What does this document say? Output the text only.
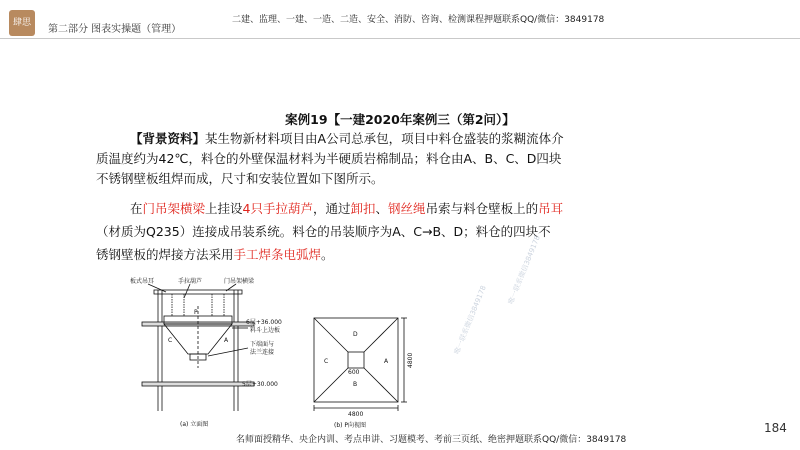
肆思
第二部分 图表实操题（管理）
二建、监理、一建、一造、二造、安全、消防、咨询、检测课程押题联系QQ/微信：3849178
案例19【一建2020年案例三（第2问）】
【背景资料】某生物新材料项目由A公司总承包，项目中料仓盛装的浆糊流体介
质温度约为42℃，料仓的外壁保温材料为半硬质岩棉制品；料仓由A、B、C、D四块
不锈钢壁板组焊而成，尺寸和安装位置如下图所示。
在门吊架横梁上挂设4只手拉葫芦，通过卸扣、钢丝绳吊索与料仓壁板上的吊耳
（材质为Q235）连接成吊装系统。料仓的吊装顺序为A、C→B、D；料仓的四块不
锈钢壁板的焊接方法采用手工焊条电弧焊。
板式吊耳	手拉葫芦	门吊架横梁
6层+36.000
料斗上边板
下端面与
法兰连接
5层+30.000
P
C	A
(a) 立面图
D
C	A
B
600
4800
4800
(b) P向视图
唯一联系微信3849178
唯一联系微信3849178
184
名师面授精华、央企内训、考点串讲、习题模考、考前三页纸、绝密押题联系QQ/微信：3849178
